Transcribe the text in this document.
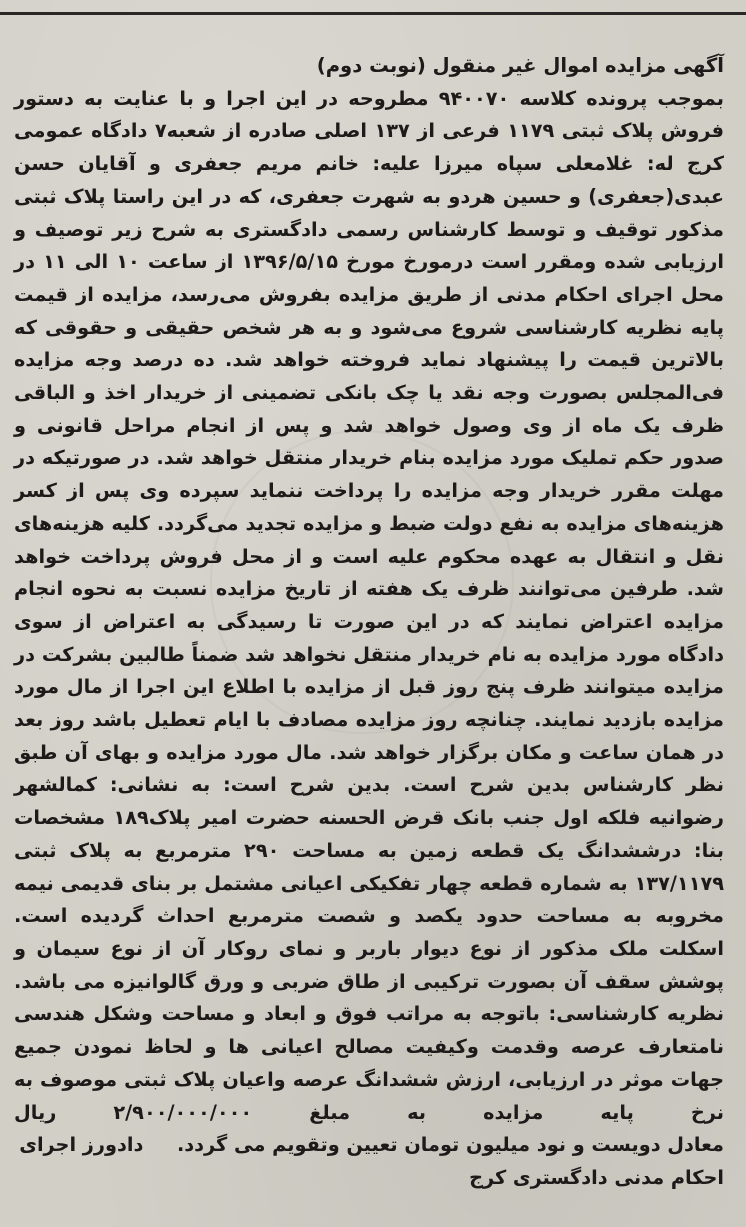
آگهی مزایده اموال غیر منقول (نوبت دوم)
بموجب پرونده کلاسه ۹۴۰۰۷۰ مطروحه در این اجرا و با عنایت به دستور فروش پلاک ثبتی ۱۱۷۹ فرعی از ۱۳۷ اصلی صادره از شعبه۷ دادگاه عمومی کرج له: غلامعلی سپاه میرزا علیه: خانم مریم جعفری و آقایان حسن عبدی(جعفری) و حسین هردو به شهرت جعفری، که در این راستا پلاک ثبتی مذکور توقیف و توسط کارشناس رسمی دادگستری به شرح زیر توصیف و ارزیابی شده ومقرر است درمورخ مورخ ۱۳۹۶/۵/۱۵ از ساعت ۱۰ الی ۱۱ در محل اجرای احکام مدنی از طریق مزایده بفروش می‌رسد، مزایده از قیمت پایه نظریه کارشناسی شروع می‌شود و به هر شخص حقیقی و حقوقی که بالاترین قیمت را پیشنهاد نماید فروخته خواهد شد. ده درصد وجه مزایده فی‌المجلس بصورت وجه نقد یا چک بانکی تضمینی از خریدار اخذ و الباقی ظرف یک ماه از وی وصول خواهد شد و پس از انجام مراحل قانونی و صدور حکم تملیک مورد مزایده بنام خریدار منتقل خواهد شد. در صورتیکه در مهلت مقرر خریدار وجه مزایده را پرداخت ننماید سپرده وی پس از کسر هزینه‌های مزایده به نفع دولت ضبط و مزایده تجدید می‌گردد. کلیه هزینه‌های نقل و انتقال به عهده محکوم علیه است و از محل فروش پرداخت خواهد شد. طرفین می‌توانند ظرف یک هفته از تاریخ مزایده نسبت به نحوه انجام مزایده اعتراض نمایند که در این صورت تا رسیدگی به اعتراض از سوی دادگاه مورد مزایده به نام خریدار منتقل نخواهد شد ضمناً طالبین بشرکت در مزایده میتوانند ظرف پنج روز قبل از مزایده با اطلاع این اجرا از مال مورد مزایده بازدید نمایند. چنانچه روز مزایده مصادف با ایام تعطیل باشد روز بعد در همان ساعت و مکان برگزار خواهد شد. مال مورد مزایده و بهای آن طبق نظر کارشناس بدین شرح است. بدین شرح است: به نشانی: کمالشهر رضوانیه فلکه اول جنب بانک قرض الحسنه حضرت امیر پلاک۱۸۹ مشخصات بنا: درششدانگ یک قطعه زمین به مساحت ۲۹۰ مترمربع به پلاک ثبتی ۱۳۷/۱۱۷۹ به شماره قطعه چهار تفکیکی اعیانی مشتمل بر بنای قدیمی نیمه مخروبه به مساحت حدود یکصد و شصت مترمربع احداث گردیده است. اسکلت ملک مذکور از نوع دیوار باربر و نمای روکار آن از نوع سیمان و پوشش سقف آن بصورت ترکیبی از طاق ضربی و ورق گالوانیزه می باشد. نظریه کارشناسی: باتوجه به مراتب فوق و ابعاد و مساحت وشکل هندسی نامتعارف عرصه وقدمت وکیفیت مصالح اعیانی ها و لحاظ نمودن جمیع جهات موثر در ارزیابی، ارزش ششدانگ عرصه واعیان پلاک ثبتی موصوف به نرخ پایه مزایده به مبلغ ۲/۹۰۰/۰۰۰/۰۰۰ ریال
معادل دویست و نود میلیون تومان تعیین وتقویم می گردد.     دادورز اجرای
احکام مدنی دادگستری کرج
